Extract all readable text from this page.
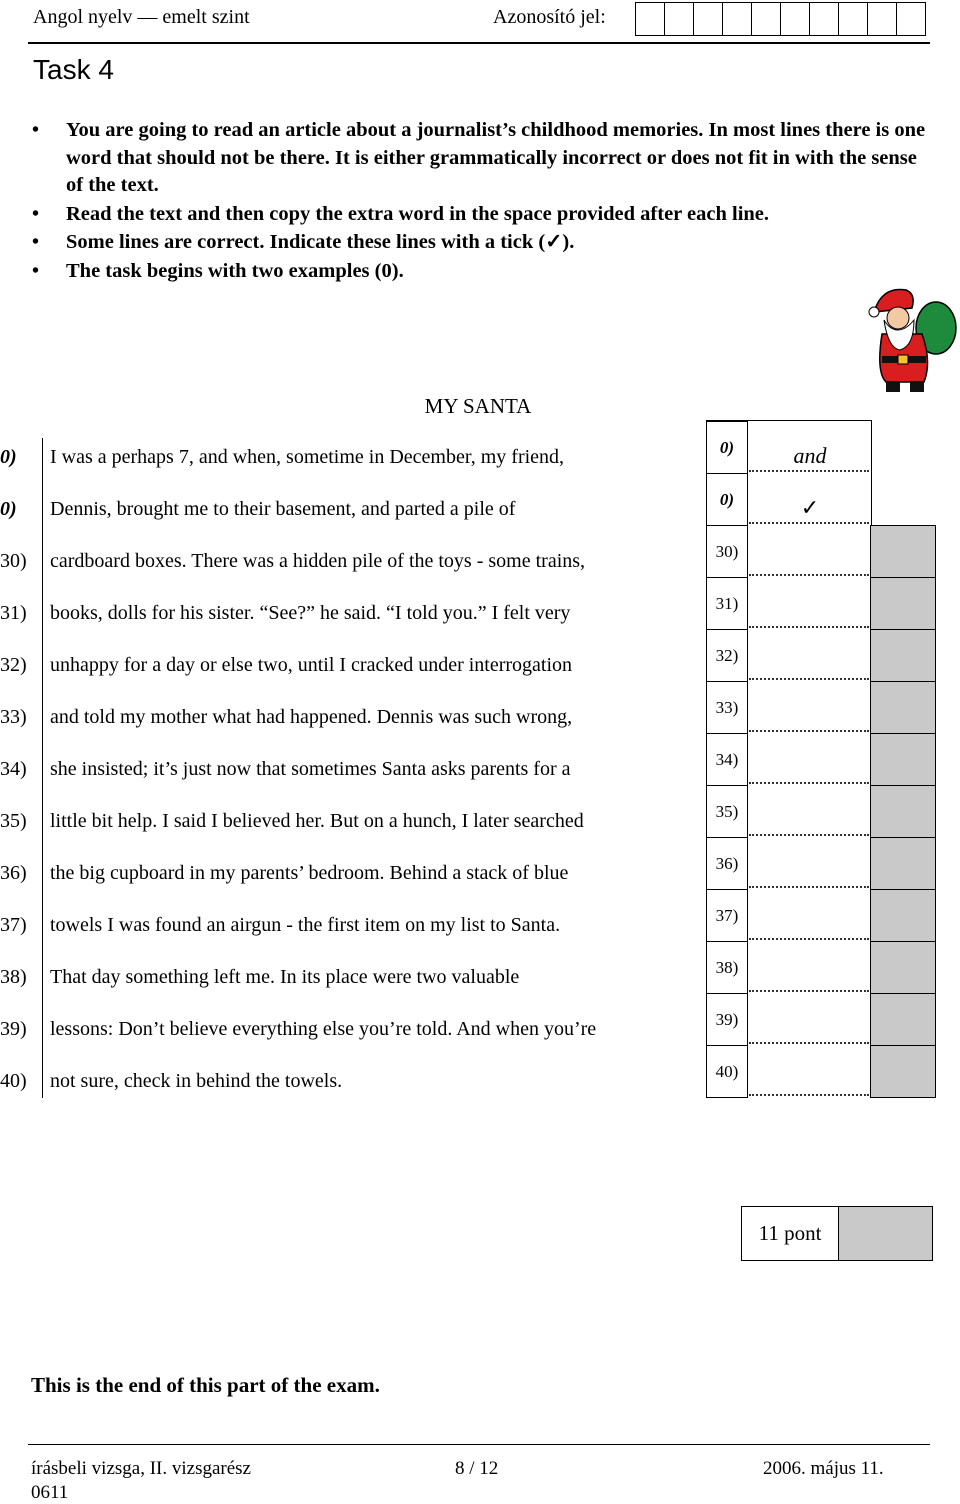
Angol nyelv — emelt szint	Azonosító jel:
Task 4
• You are going to read an article about a journalist’s childhood memories. In most lines there is one word that should not be there. It is either grammatically incorrect or does not fit in with the sense of the text.
• Read the text and then copy the extra word in the space provided after each line.
• Some lines are correct. Indicate these lines with a tick (✓).
• The task begins with two examples (0).
MY SANTA
0)	I was a perhaps 7, and when, sometime in December, my friend,	0)	and
0)	Dennis, brought me to their basement, and parted a pile of	0)	✓
30)	cardboard boxes. There was a hidden pile of the toys - some trains,	30)
31)	books, dolls for his sister. “See?” he said. “I told you.” I felt very	31)
32)	unhappy for a day or else two, until I cracked under interrogation	32)
33)	and told my mother what had happened. Dennis was such wrong,	33)
34)	she insisted; it’s just now that sometimes Santa asks parents for a	34)
35)	little bit help. I said I believed her. But on a hunch, I later searched	35)
36)	the big cupboard in my parents’ bedroom. Behind a stack of blue	36)
37)	towels I was found an airgun - the first item on my list to Santa.	37)
38)	That day something left me. In its place were two valuable	38)
39)	lessons: Don’t believe everything else you’re told. And when you’re	39)
40)	not sure, check in behind the towels.	40)
11 pont
This is the end of this part of the exam.
írásbeli vizsga, II. vizsgarész
0611
8 / 12	2006. május 11.
